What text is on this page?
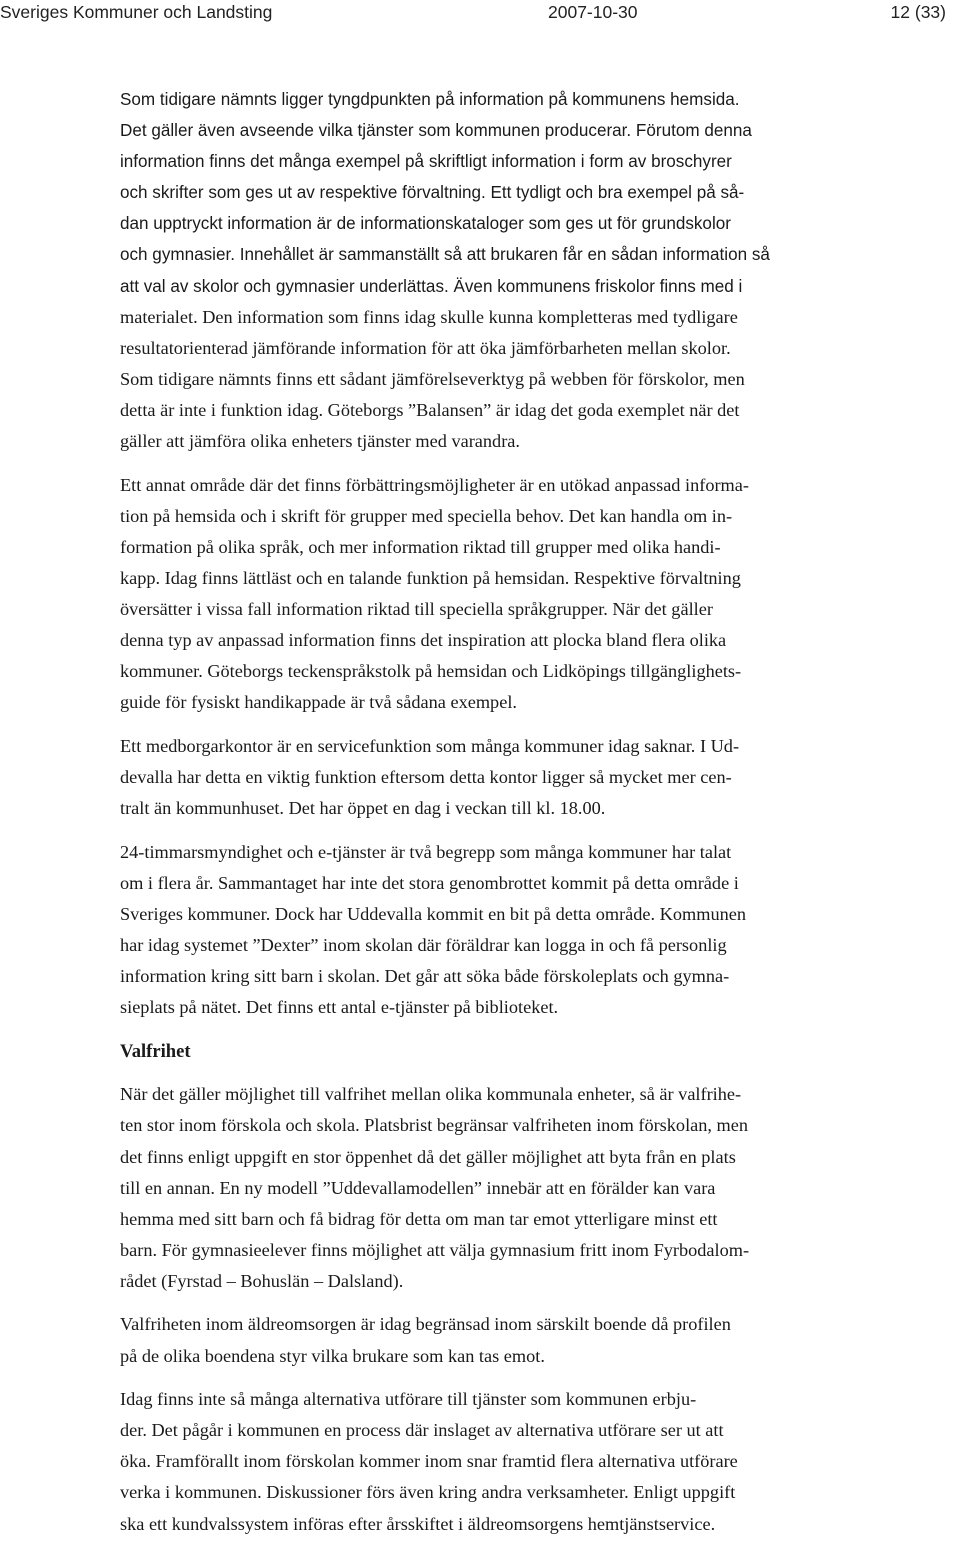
Sveriges Kommuner och Landsting	2007-10-30	12 (33)

Som tidigare nämnts ligger tyngdpunkten på information på kommunens hemsida.
Det gäller även avseende vilka tjänster som kommunen producerar. Förutom denna
information finns det många exempel på skriftligt information i form av broschyrer
och skrifter som ges ut av respektive förvaltning. Ett tydligt och bra exempel på så-
dan upptryckt information är de informationskataloger som ges ut för grundskolor
och gymnasier. Innehållet är sammanställt så att brukaren får en sådan information så
att val av skolor och gymnasier underlättas. Även kommunens friskolor finns med i
materialet. Den information som finns idag skulle kunna kompletteras med tydligare
resultatorienterad jämförande information för att öka jämförbarheten mellan skolor.
Som tidigare nämnts finns ett sådant jämförelseverktyg på webben för förskolor, men
detta är inte i funktion idag. Göteborgs ”Balansen” är idag det goda exemplet när det
gäller att jämföra olika enheters tjänster med varandra.

Ett annat område där det finns förbättringsmöjligheter är en utökad anpassad informa-
tion på hemsida och i skrift för grupper med speciella behov. Det kan handla om in-
formation på olika språk, och mer information riktad till grupper med olika handi-
kapp. Idag finns lättläst och en talande funktion på hemsidan. Respektive förvaltning
översätter i vissa fall information riktad till speciella språkgrupper. När det gäller
denna typ av anpassad information finns det inspiration att plocka bland flera olika
kommuner. Göteborgs teckenspråkstolk på hemsidan och Lidköpings tillgänglighets-
guide för fysiskt handikappade är två sådana exempel.

Ett medborgarkontor är en servicefunktion som många kommuner idag saknar. I Ud-
devalla har detta en viktig funktion eftersom detta kontor ligger så mycket mer cen-
tralt än kommunhuset. Det har öppet en dag i veckan till kl. 18.00.

24-timmarsmyndighet och e-tjänster är två begrepp som många kommuner har talat
om i flera år. Sammantaget har inte det stora genombrottet kommit på detta område i
Sveriges kommuner. Dock har Uddevalla kommit en bit på detta område. Kommunen
har idag systemet ”Dexter” inom skolan där föräldrar kan logga in och få personlig
information kring sitt barn i skolan. Det går att söka både förskoleplats och gymna-
sieplats på nätet. Det finns ett antal e-tjänster på biblioteket.

Valfrihet

När det gäller möjlighet till valfrihet mellan olika kommunala enheter, så är valfrihe-
ten stor inom förskola och skola. Platsbrist begränsar valfriheten inom förskolan, men
det finns enligt uppgift en stor öppenhet då det gäller möjlighet att byta från en plats
till en annan. En ny modell ”Uddevallamodellen” innebär att en förälder kan vara
hemma med sitt barn och få bidrag för detta om man tar emot ytterligare minst ett
barn. För gymnasieelever finns möjlighet att välja gymnasium fritt inom Fyrbodalom-
rådet (Fyrstad – Bohuslän – Dalsland).

Valfriheten inom äldreomsorgen är idag begränsad inom särskilt boende då profilen
på de olika boendena styr vilka brukare som kan tas emot.

Idag finns inte så många alternativa utförare till tjänster som kommunen erbju-
der. Det pågår i kommunen en process där inslaget av alternativa utförare ser ut att
öka. Framförallt inom förskolan kommer inom snar framtid flera alternativa utförare
verka i kommunen. Diskussioner förs även kring andra verksamheter. Enligt uppgift
ska ett kundvalssystem införas efter årsskiftet i äldreomsorgens hemtjänstservice.
